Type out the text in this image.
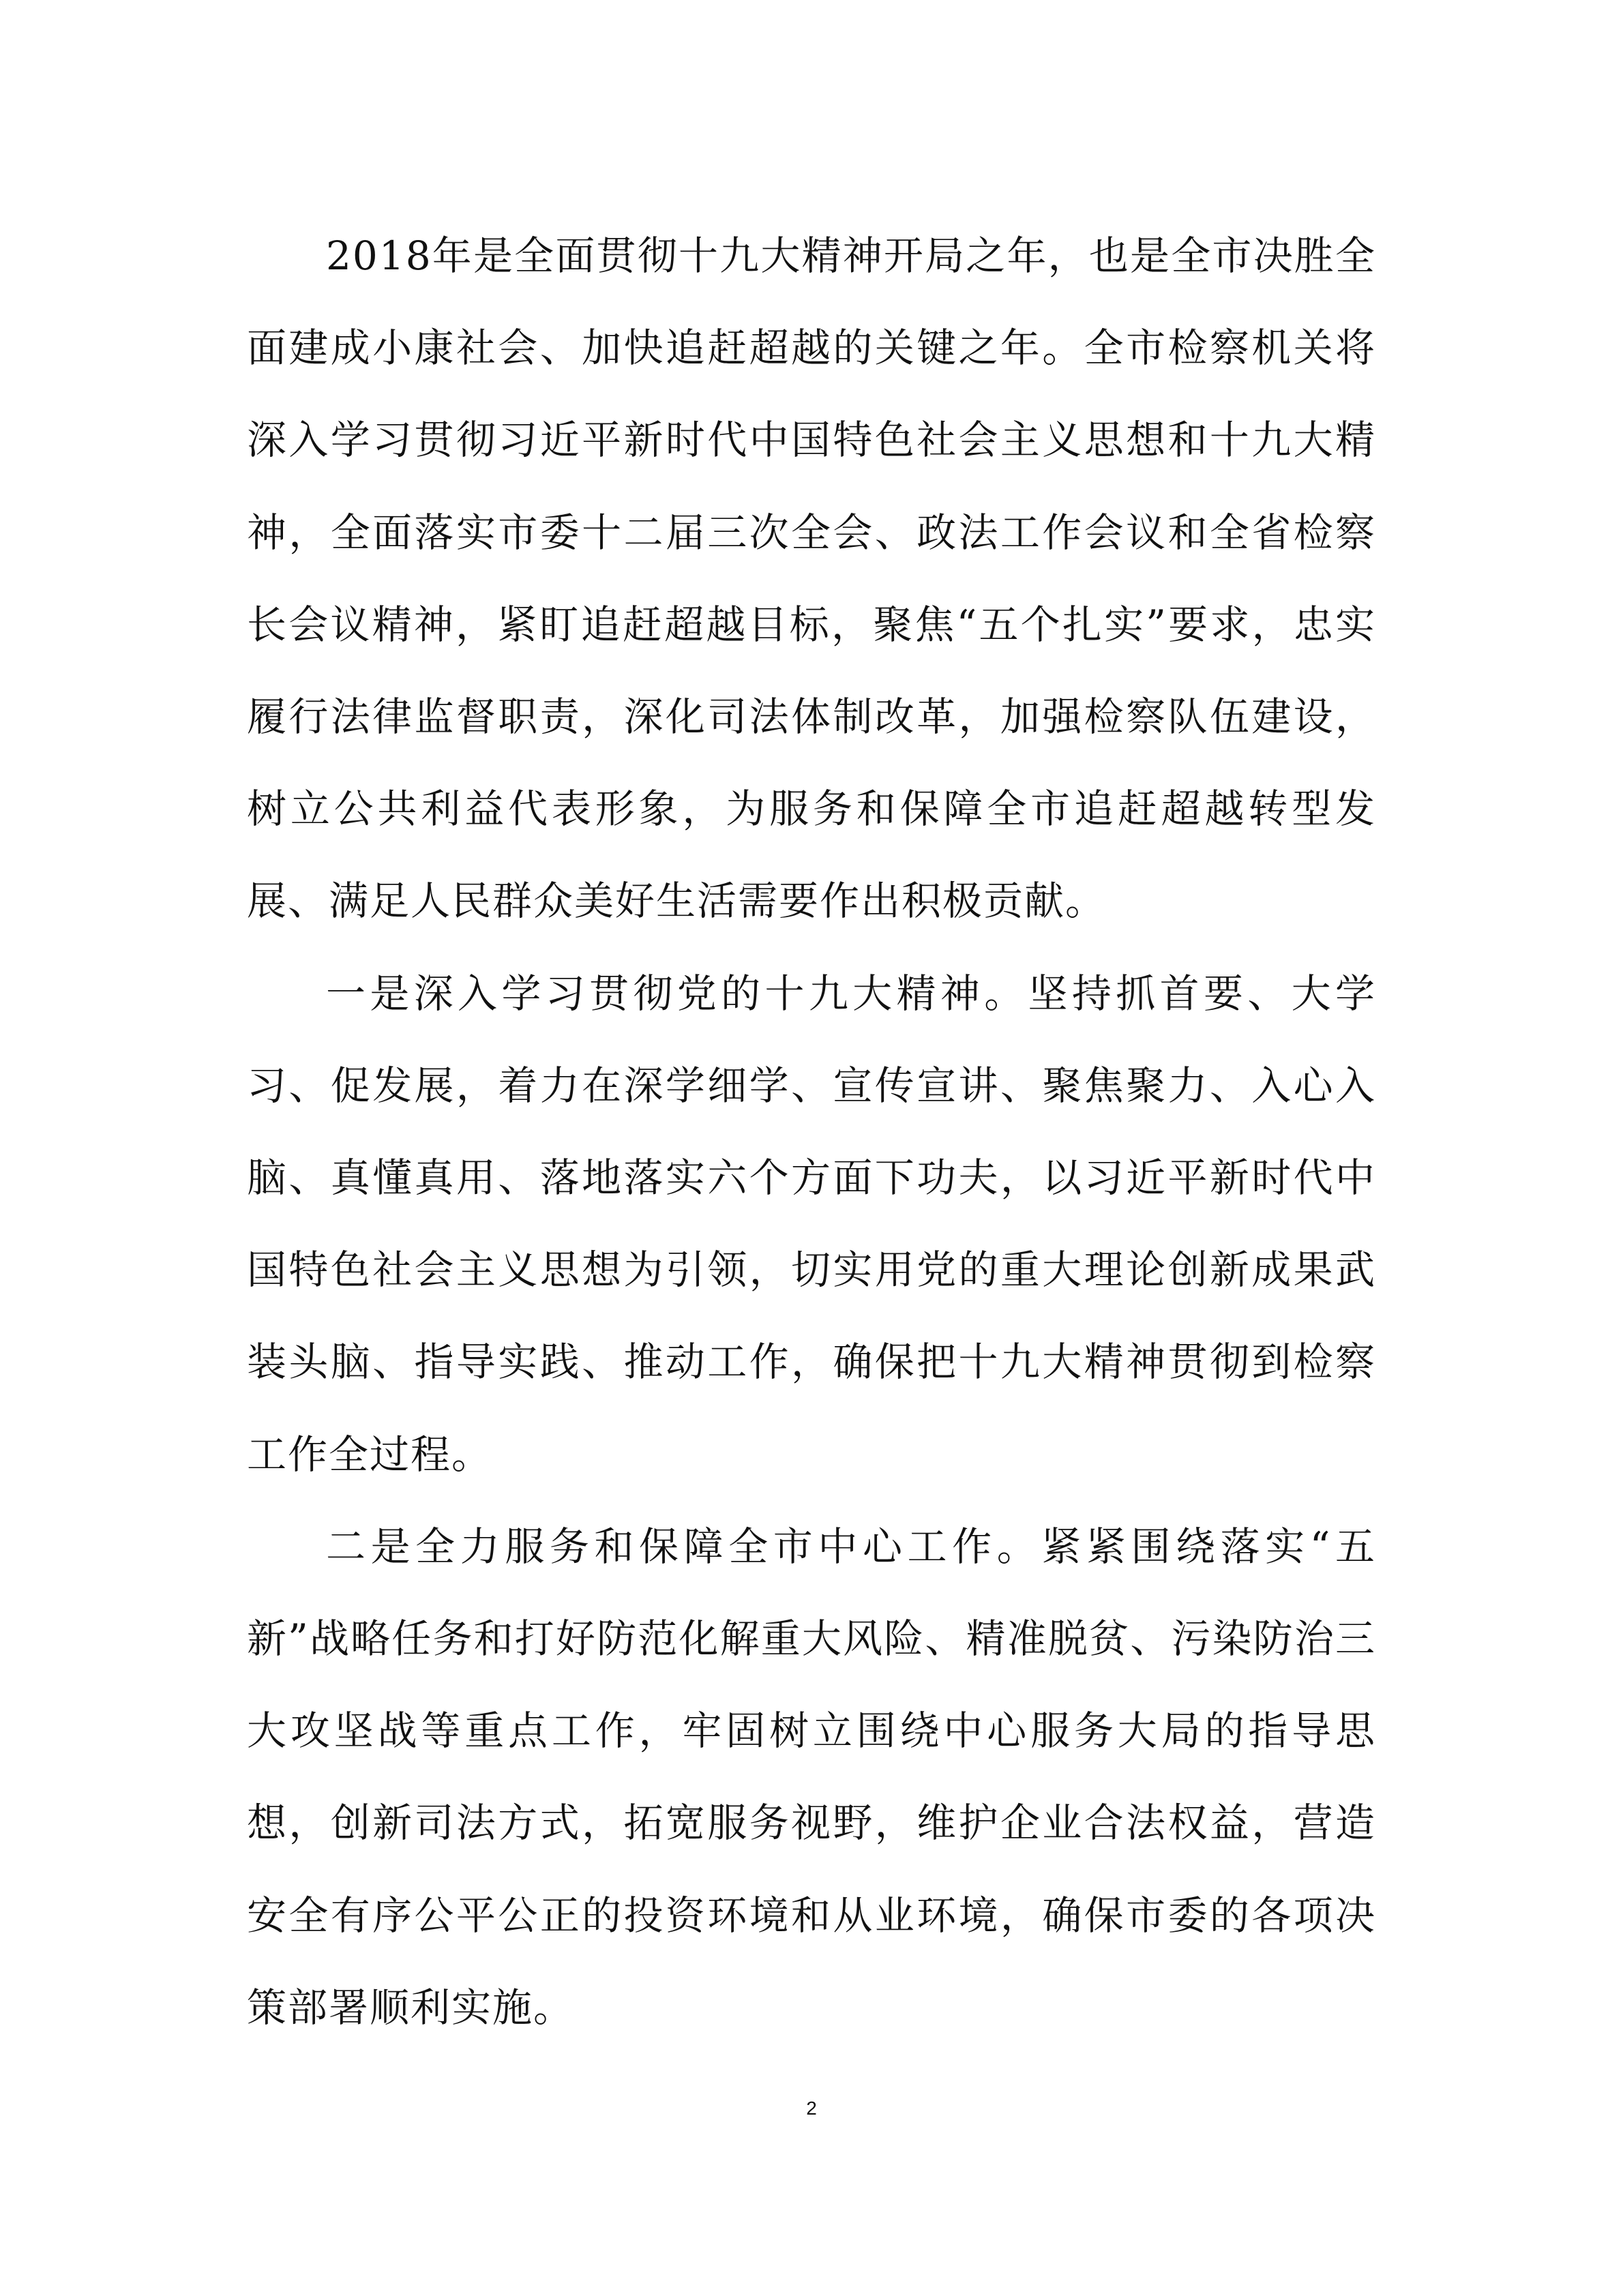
2018年是全面贯彻十九大精神开局之年，也是全市决胜全面建成小康社会、加快追赶超越的关键之年。全市检察机关将深入学习贯彻习近平新时代中国特色社会主义思想和十九大精神，全面落实市委十二届三次全会、政法工作会议和全省检察长会议精神，紧盯追赶超越目标，聚焦“五个扎实”要求，忠实履行法律监督职责，深化司法体制改革，加强检察队伍建设，树立公共利益代表形象，为服务和保障全市追赶超越转型发展、满足人民群众美好生活需要作出积极贡献。

一是深入学习贯彻党的十九大精神。坚持抓首要、大学习、促发展，着力在深学细学、宣传宣讲、聚焦聚力、入心入脑、真懂真用、落地落实六个方面下功夫，以习近平新时代中国特色社会主义思想为引领，切实用党的重大理论创新成果武装头脑、指导实践、推动工作，确保把十九大精神贯彻到检察工作全过程。

二是全力服务和保障全市中心工作。紧紧围绕落实“五新”战略任务和打好防范化解重大风险、精准脱贫、污染防治三大攻坚战等重点工作，牢固树立围绕中心服务大局的指导思想，创新司法方式，拓宽服务视野，维护企业合法权益，营造安全有序公平公正的投资环境和从业环境，确保市委的各项决策部署顺利实施。

2
